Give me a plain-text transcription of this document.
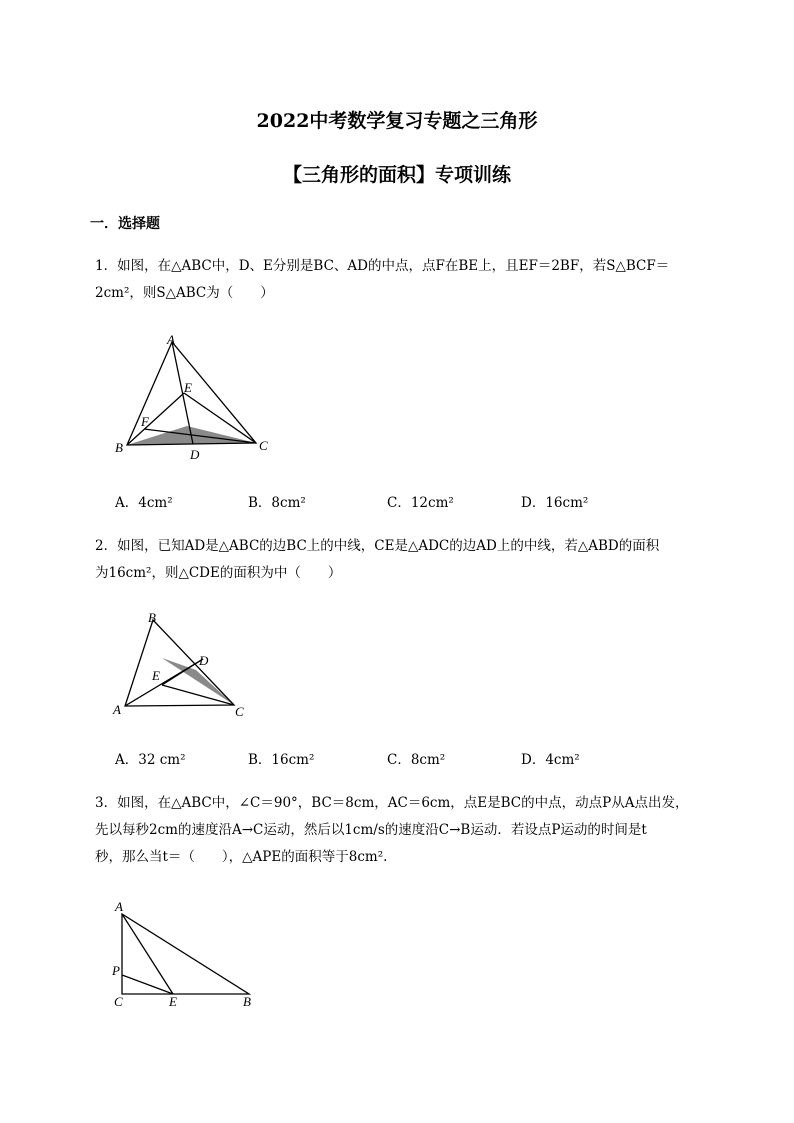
2022中考数学复习专题之三角形
【三角形的面积】专项训练
一．选择题
1．如图，在△ABC中，D、E分别是BC、AD的中点，点F在BE上，且EF＝2BF，若S△BCF＝
2cm²，则S△ABC为（　　）
A
E
F
B	D
C
A．4cm²	B．8cm²	C．12cm²	D．16cm²
2．如图，已知AD是△ABC的边BC上的中线，CE是△ADC的边AD上的中线，若△ABD的面积
为16cm²，则△CDE的面积为中（　　）
B
D
E
A	C
A．32 cm²	B．16cm²	C．8cm²	D．4cm²
3．如图，在△ABC中，∠C＝90°，BC＝8cm，AC＝6cm，点E是BC的中点，动点P从A点出发，
先以每秒2cm的速度沿A→C运动，然后以1cm/s的速度沿C→B运动．若设点P运动的时间是t
秒，那么当t＝（　　），△APE的面积等于8cm².
A
P
C	E	B
